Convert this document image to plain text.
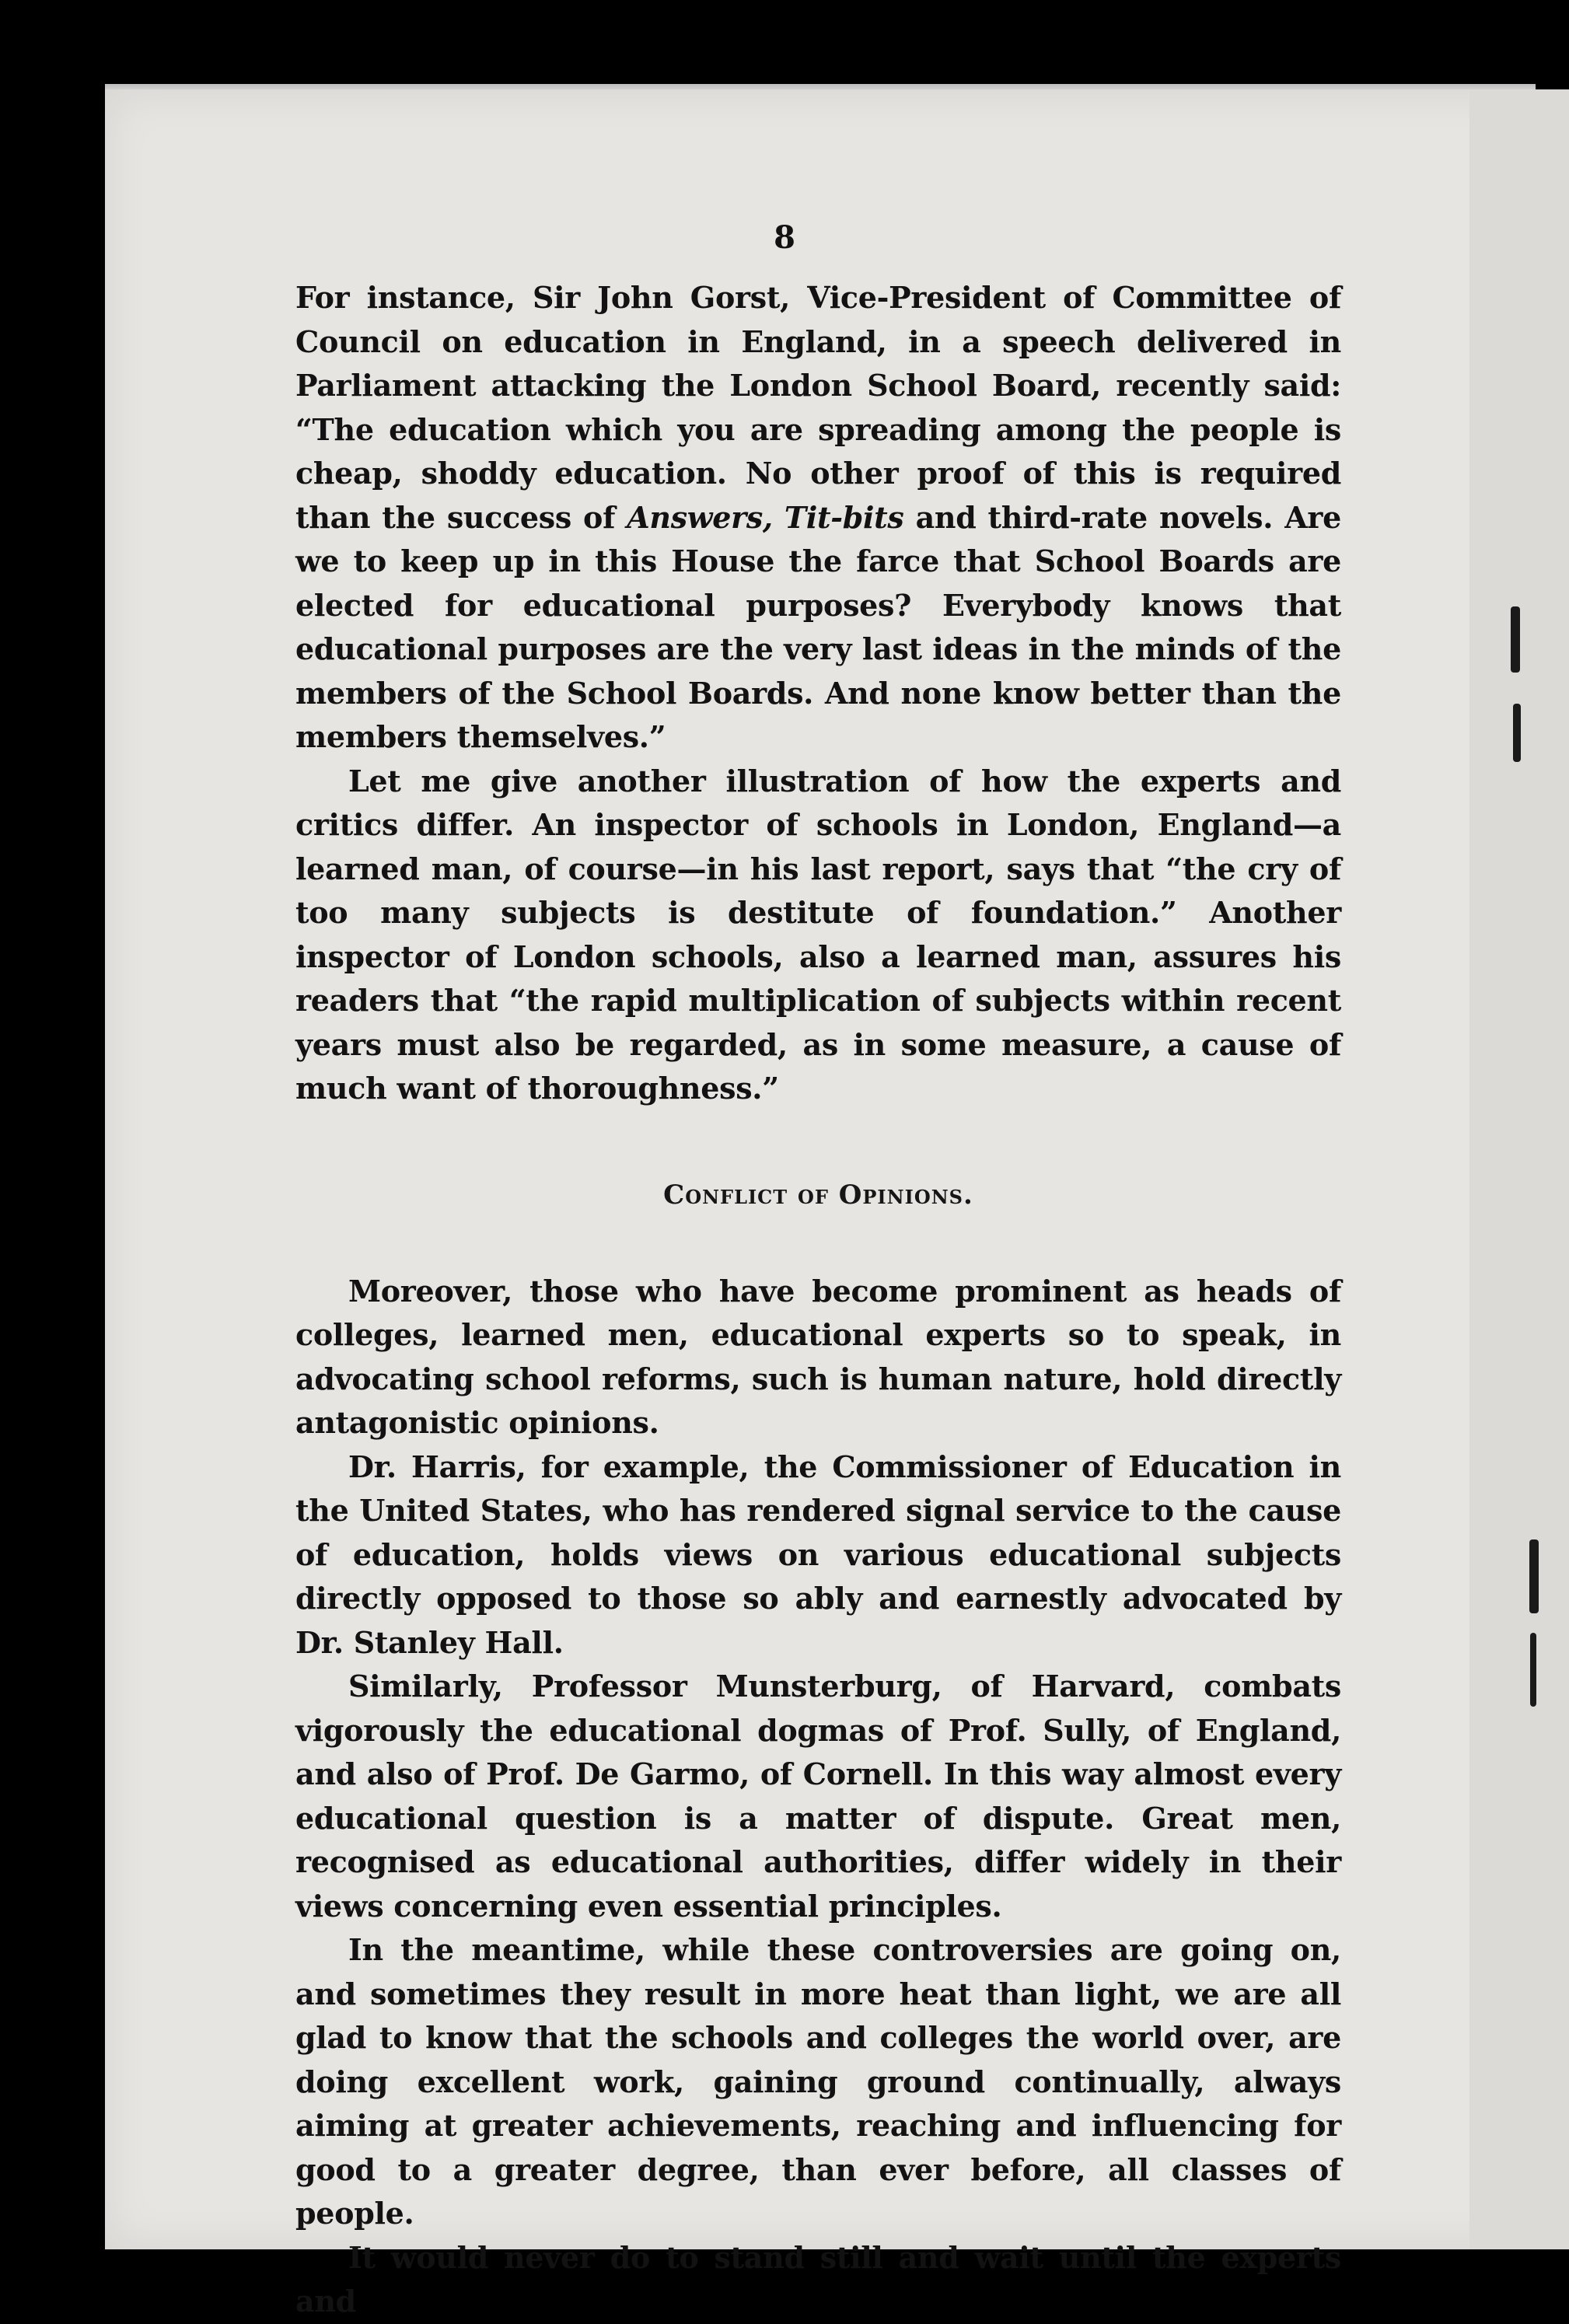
8

For instance, Sir John Gorst, Vice-President of Committee of Council on education in England, in a speech delivered in Parliament attacking the London School Board, recently said: “The education which you are spreading among the people is cheap, shoddy education. No other proof of this is required than the success of Answers, Tit-bits and third-rate novels. Are we to keep up in this House the farce that School Boards are elected for educational purposes? Everybody knows that educational purposes are the very last ideas in the minds of the members of the School Boards. And none know better than the members themselves.”

Let me give another illustration of how the experts and critics differ. An inspector of schools in London, England—a learned man, of course—in his last report, says that “the cry of too many subjects is destitute of foundation.” Another inspector of London schools, also a learned man, assures his readers that “the rapid multiplication of subjects within recent years must also be regarded, as in some measure, a cause of much want of thoroughness.”

Conflict of Opinions.

Moreover, those who have become prominent as heads of colleges, learned men, educational experts so to speak, in advocating school reforms, such is human nature, hold directly antagonistic opinions.

Dr. Harris, for example, the Commissioner of Education in the United States, who has rendered signal service to the cause of education, holds views on various educational subjects directly opposed to those so ably and earnestly advocated by Dr. Stanley Hall.

Similarly, Professor Munsterburg, of Harvard, combats vigorously the educational dogmas of Prof. Sully, of England, and also of Prof. De Garmo, of Cornell. In this way almost every educational question is a matter of dispute. Great men, recognised as educational authorities, differ widely in their views concerning even essential principles.

In the meantime, while these controversies are going on, and sometimes they result in more heat than light, we are all glad to know that the schools and colleges the world over, are doing excellent work, gaining ground continually, always aiming at greater achievements, reaching and influencing for good to a greater degree, than ever before, all classes of people.

It would never do to stand still and wait until the experts and
